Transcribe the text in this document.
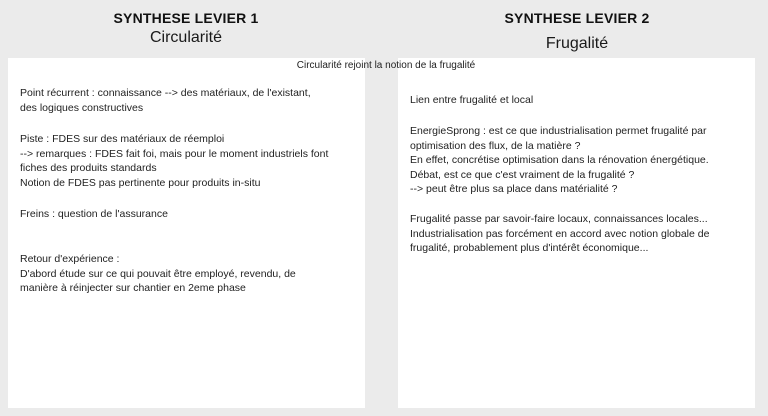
SYNTHESE LEVIER 1
Circularité
SYNTHESE LEVIER 2
Frugalité
Circularité rejoint la notion de la frugalité
Point récurrent : connaissance --> des matériaux, de l'existant,
des logiques constructives
Piste : FDES sur des matériaux de réemploi
--> remarques : FDES fait foi, mais pour le moment industriels font
fiches des produits standards
Notion de FDES pas pertinente pour produits in-situ
Freins : question de l'assurance
Retour d'expérience :
D'abord étude sur ce qui pouvait être employé, revendu, de
manière à réinjecter sur chantier en 2eme phase
Lien entre frugalité et local
EnergieSprong : est ce que industrialisation permet frugalité par
optimisation des flux, de la matière ?
En effet, concrétise optimisation dans la rénovation énergétique.
Débat, est ce que c'est vraiment de la frugalité ?
--> peut être plus sa place dans matérialité ?
Frugalité passe par savoir-faire locaux, connaissances locales...
Industrialisation pas forcément en accord avec notion globale de
frugalité, probablement plus d'intérêt économique...
